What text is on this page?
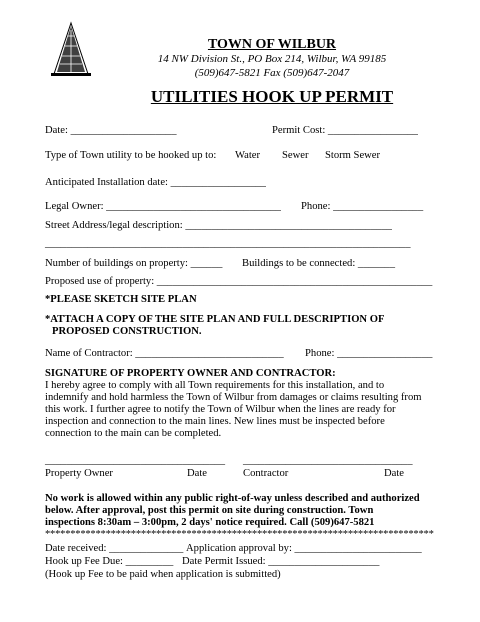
TOWN OF WILBUR
14 NW Division St., PO Box 214, Wilbur, WA 99185
(509)647-5821 Fax (509)647-2047
UTILITIES HOOK UP PERMIT
Date: ____________________	Permit Cost: _________________
Type of Town utility to be hooked up to: Water Sewer Storm Sewer
Anticipated Installation date: __________________
Legal Owner: _________________________________ Phone: _________________
Street Address/legal description: _______________________________________
_____________________________________________________________________
Number of buildings on property: ______ Buildings to be connected: _______
Proposed use of property: ____________________________________________________
*PLEASE SKETCH SITE PLAN
*ATTACH A COPY OF THE SITE PLAN AND FULL DESCRIPTION OF
PROPOSED CONSTRUCTION.
Name of Contractor: ____________________________ Phone: __________________
SIGNATURE OF PROPERTY OWNER AND CONTRACTOR:
I hereby agree to comply with all Town requirements for this installation, and to
indemnify and hold harmless the Town of Wilbur from damages or claims resulting from
this work. I further agree to notify the Town of Wilbur when the lines are ready for
inspection and connection to the main lines. New lines must be inspected before
connection to the main can be completed.
__________________________________ ________________________________
Property Owner	Date	Contractor	Date
No work is allowed within any public right-of-way unless described and authorized
below. After approval, post this permit on site during construction. Town
inspections 8:30am – 3:00pm, 2 days' notice required. Call (509)647-5821
*****************************************************************************
Date received: ______________ Application approval by: ________________________
Hook up Fee Due: _________ Date Permit Issued: _____________________
(Hook up Fee to be paid when application is submitted)
